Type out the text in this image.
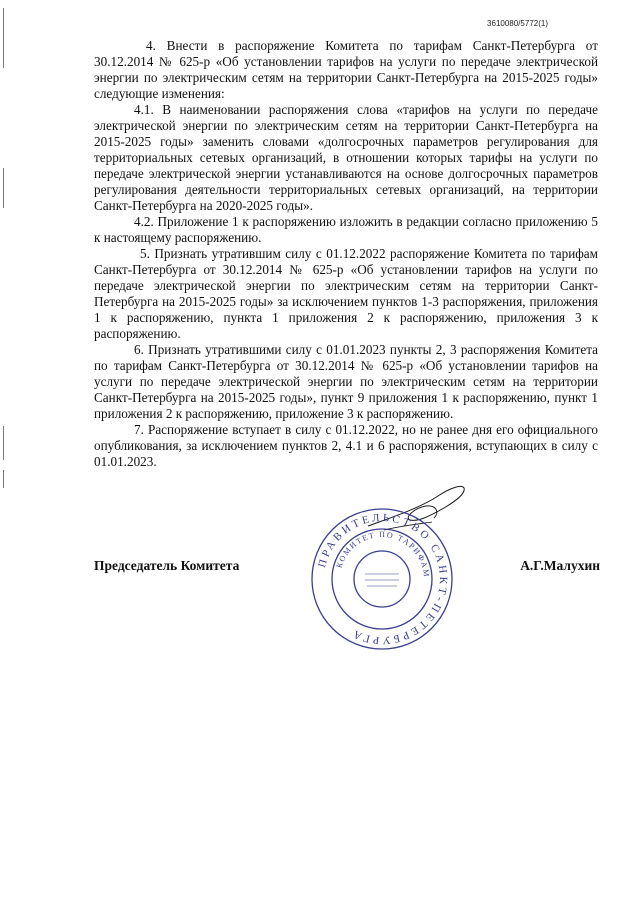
3610080/5772(1)

4. Внести в распоряжение Комитета по тарифам Санкт-Петербурга от 30.12.2014 № 625-р «Об установлении тарифов на услуги по передаче электрической энергии по электрическим сетям на территории Санкт-Петербурга на 2015-2025 годы» следующие изменения:

4.1. В наименовании распоряжения слова «тарифов на услуги по передаче электрической энергии по электрическим сетям на территории Санкт-Петербурга на 2015-2025 годы» заменить словами «долгосрочных параметров регулирования для территориальных сетевых организаций, в отношении которых тарифы на услуги по передаче электрической энергии устанавливаются на основе долгосрочных параметров регулирования деятельности территориальных сетевых организаций, на территории Санкт-Петербурга на 2020-2025 годы».

4.2. Приложение 1 к распоряжению изложить в редакции согласно приложению 5 к настоящему распоряжению.

5. Признать утратившим силу с 01.12.2022 распоряжение Комитета по тарифам Санкт-Петербурга от 30.12.2014 № 625-р «Об установлении тарифов на услуги по передаче электрической энергии по электрическим сетям на территории Санкт-Петербурга на 2015-2025 годы» за исключением пунктов 1-3 распоряжения, приложения 1 к распоряжению, пункта 1 приложения 2 к распоряжению, приложения 3 к распоряжению.

6. Признать утратившими силу с 01.01.2023 пункты 2, 3 распоряжения Комитета по тарифам Санкт-Петербурга от 30.12.2014 № 625-р «Об установлении тарифов на услуги по передаче электрической энергии по электрическим сетям на территории Санкт-Петербурга на 2015-2025 годы», пункт 9 приложения 1 к распоряжению, пункт 1 приложения 2 к распоряжению, приложение 3 к распоряжению.

7. Распоряжение вступает в силу с 01.12.2022, но не ранее дня его официального опубликования, за исключением пунктов 2, 4.1 и 6 распоряжения, вступающих в силу с 01.01.2023.

ПРАВИТЕЛЬСТВО САНКТ-ПЕТЕРБУРГА
КОМИТЕТ ПО ТАРИФАМ
Председатель Комитета	А.Г.Малухин
